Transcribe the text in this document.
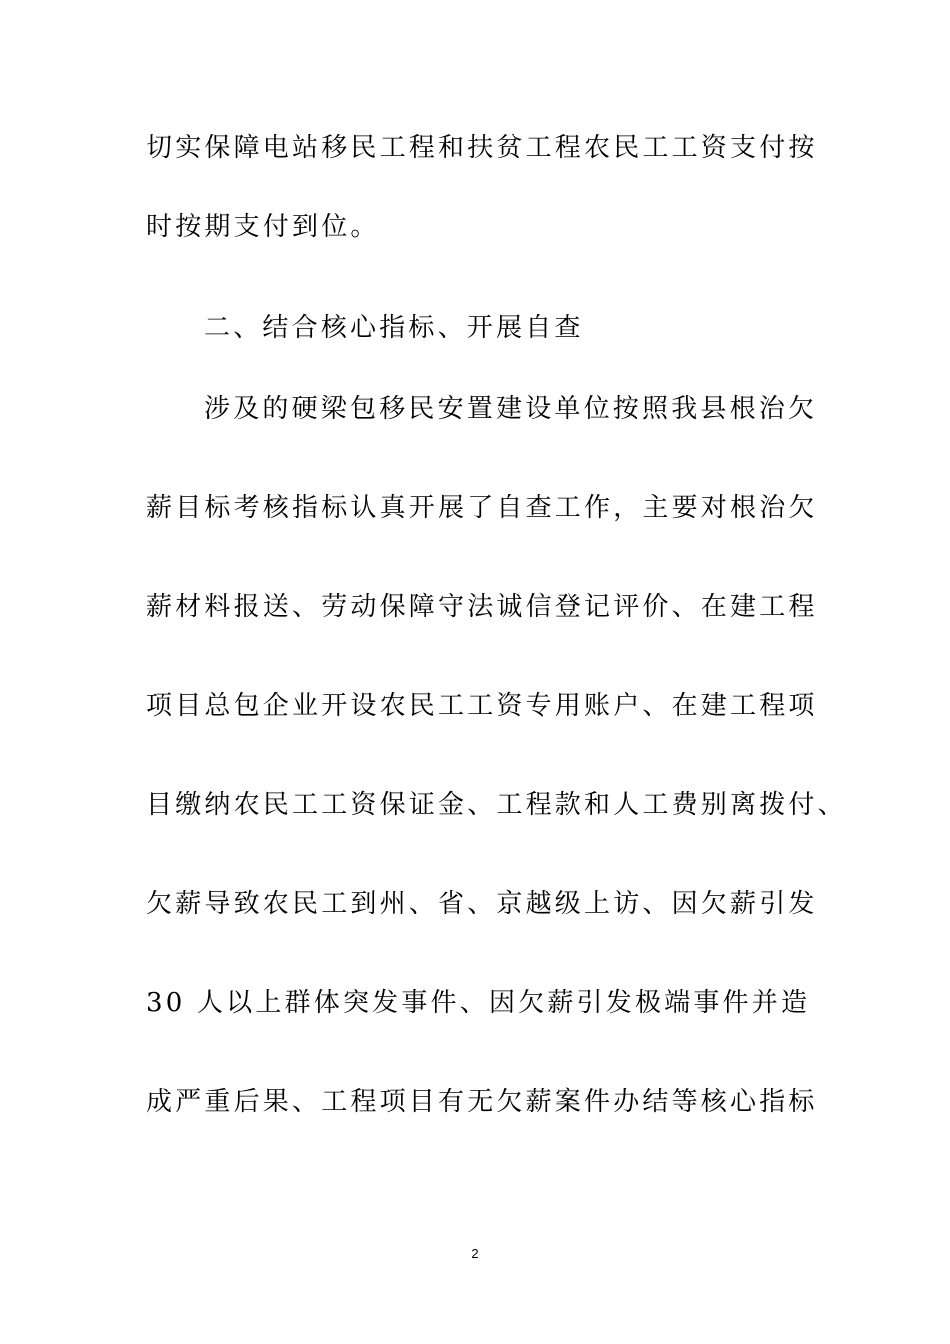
切实保障电站移民工程和扶贫工程农民工工资支付按
时按期支付到位。
二、结合核心指标、开展自查
涉及的硬梁包移民安置建设单位按照我县根治欠
薪目标考核指标认真开展了自查工作，主要对根治欠
薪材料报送、劳动保障守法诚信登记评价、在建工程
项目总包企业开设农民工工资专用账户、在建工程项
目缴纳农民工工资保证金、工程款和人工费别离拨付、
欠薪导致农民工到州、省、京越级上访、因欠薪引发
30 人以上群体突发事件、因欠薪引发极端事件并造
成严重后果、工程项目有无欠薪案件办结等核心指标
2
